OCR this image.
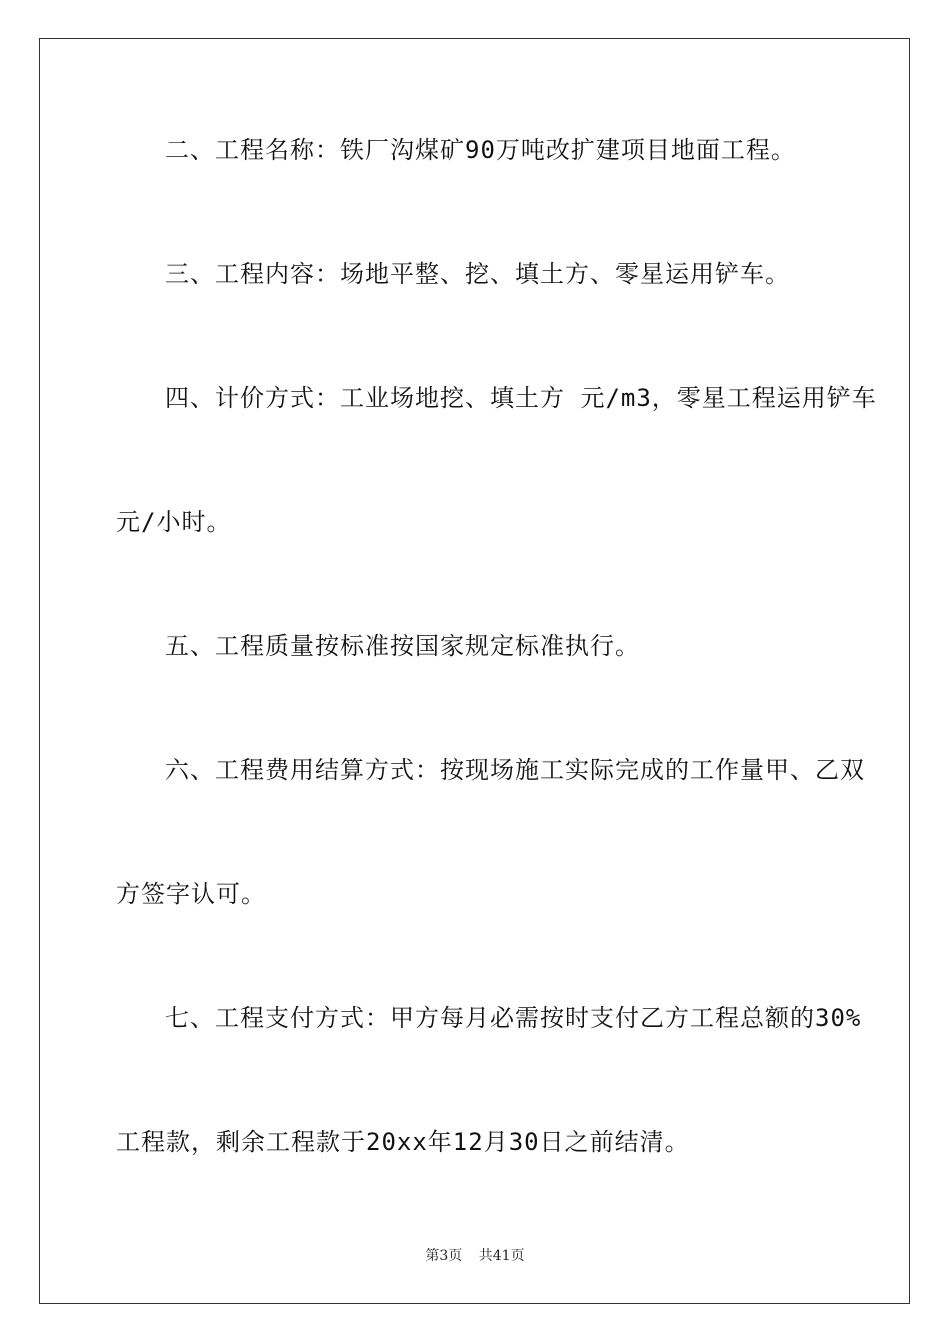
二、工程名称：铁厂沟煤矿90万吨改扩建项目地面工程。

三、工程内容：场地平整、挖、填土方、零星运用铲车。

四、计价方式：工业场地挖、填土方 元/m3，零星工程运用铲车

元/小时。

五、工程质量按标准按国家规定标准执行。

六、工程费用结算方式：按现场施工实际完成的工作量甲、乙双

方签字认可。

七、工程支付方式：甲方每月必需按时支付乙方工程总额的30%

工程款，剩余工程款于20xx年12月30日之前结清。

第3页 共41页
